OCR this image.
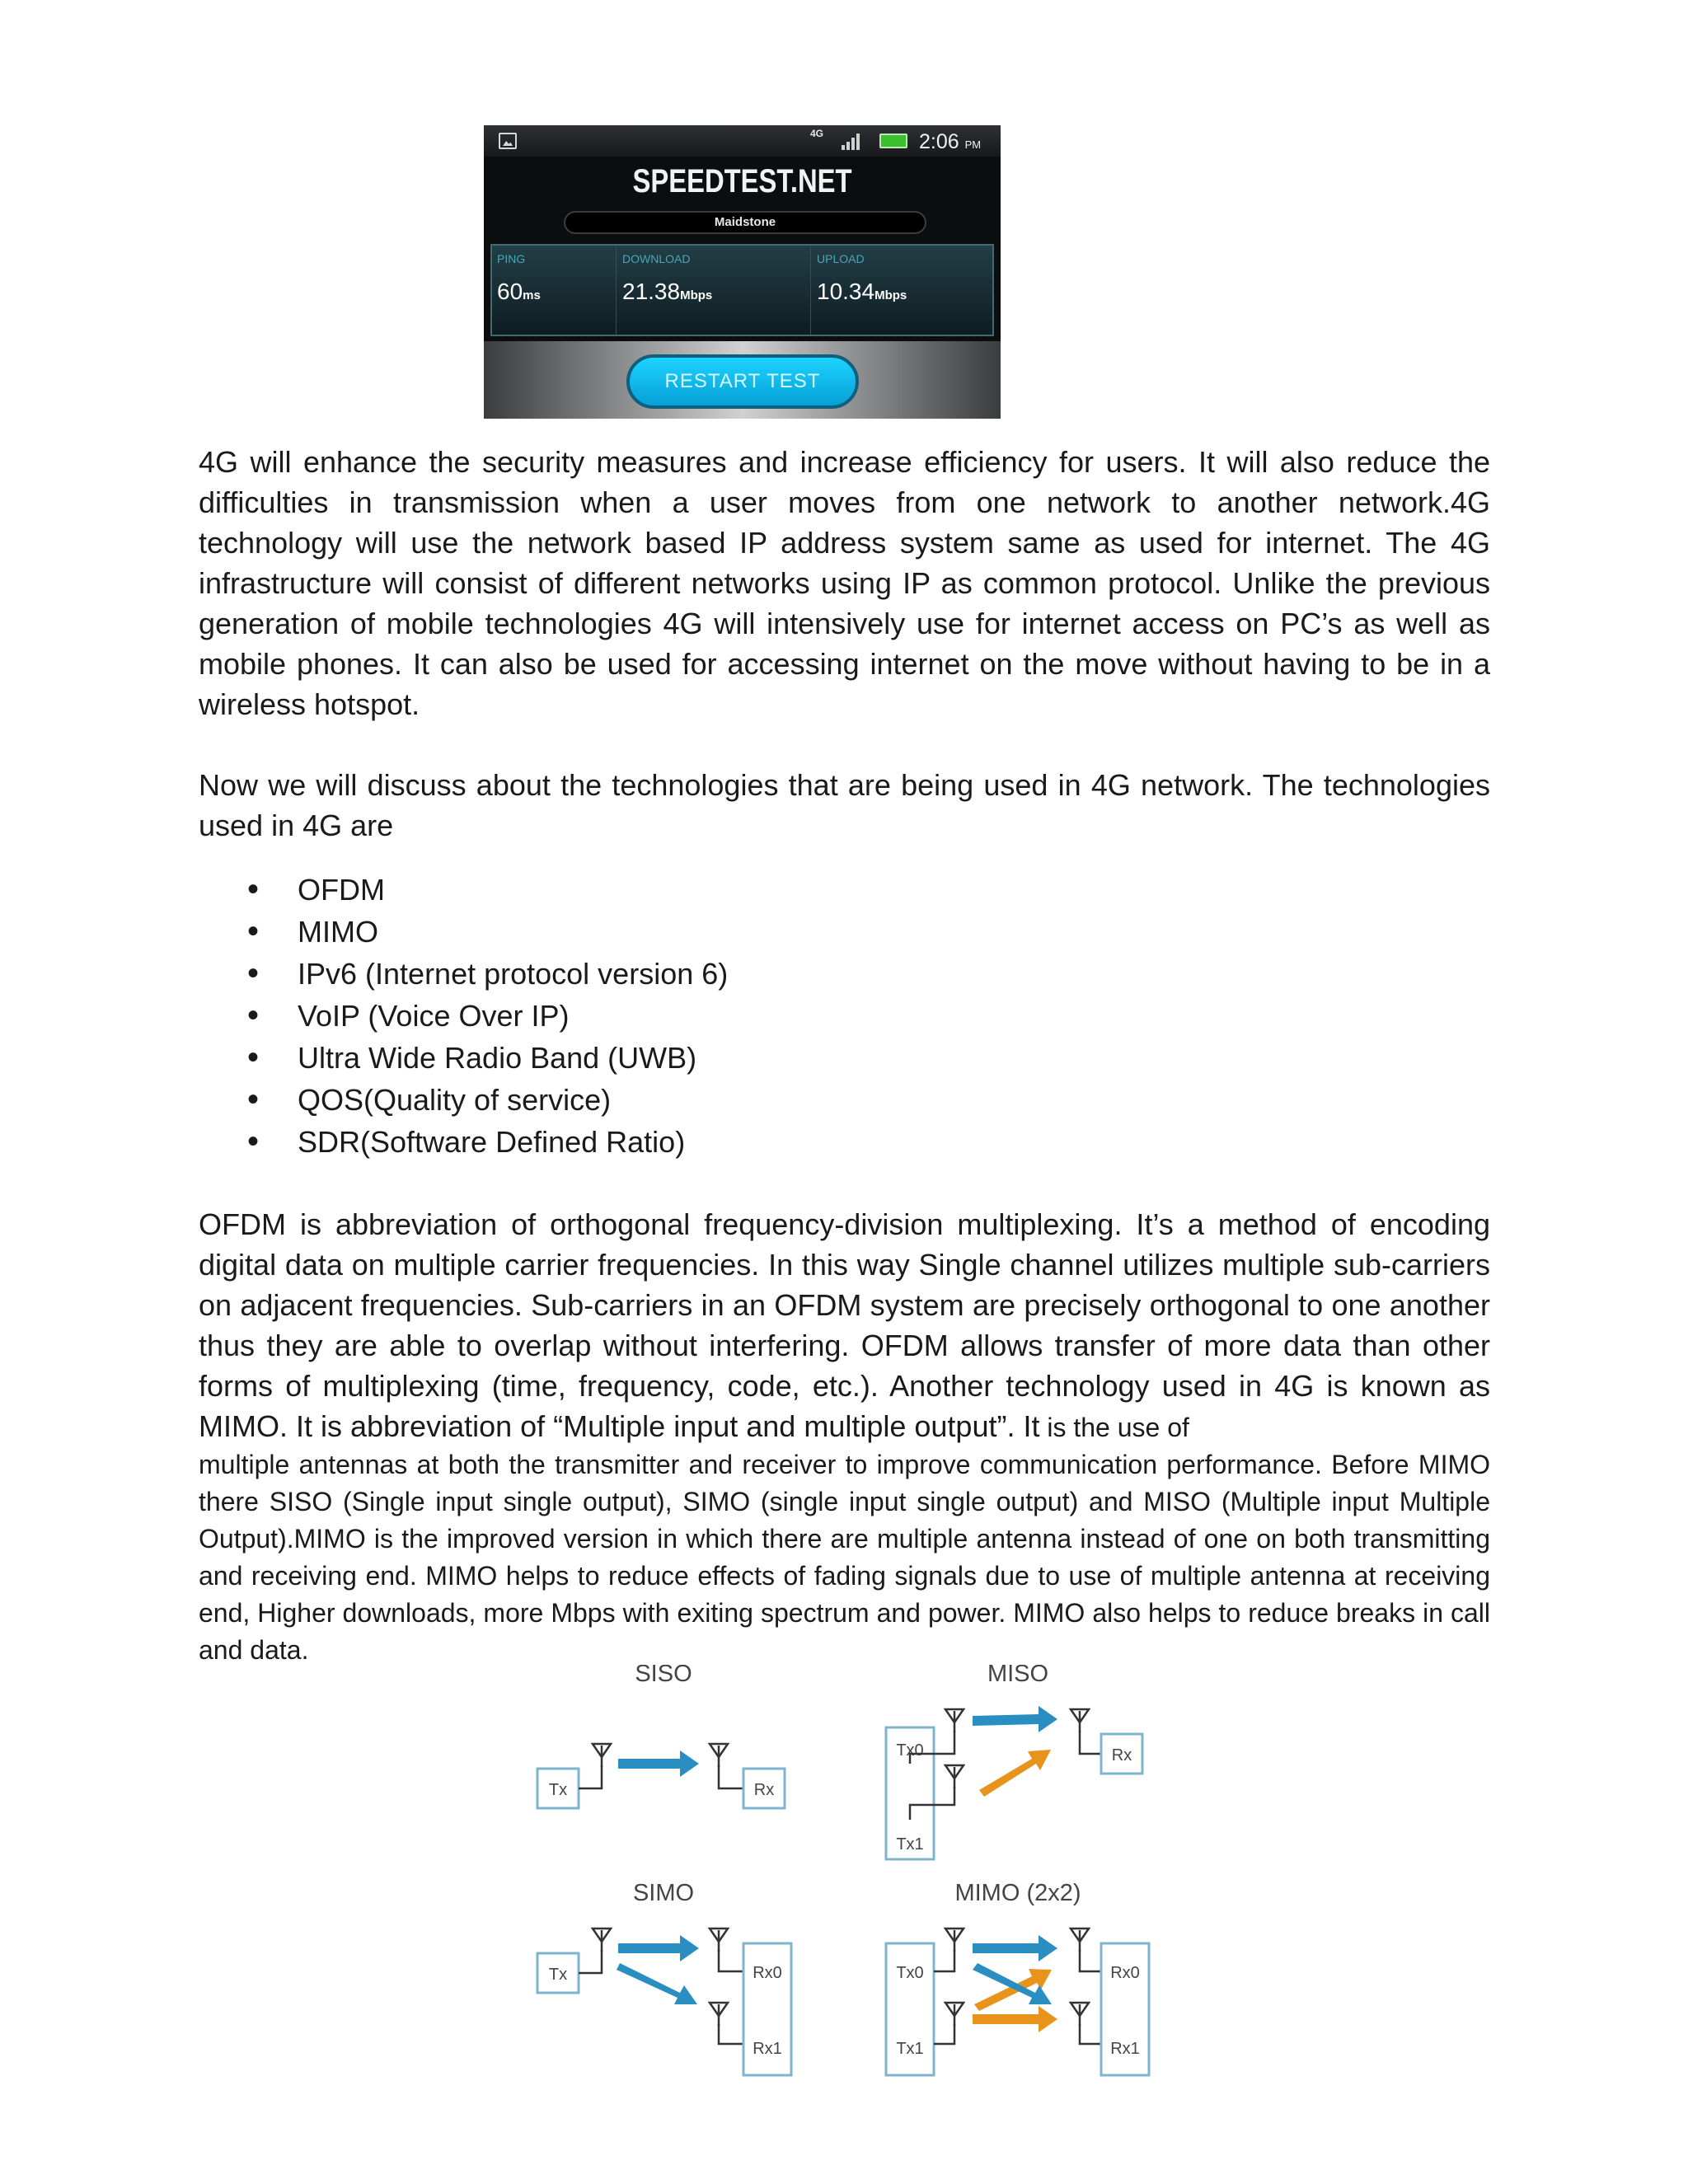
4G	2:06 PM
SPEEDTEST.NET
Maidstone
PING
60ms
DOWNLOAD
21.38Mbps
UPLOAD
10.34Mbps
RESTART TEST

4G will enhance the security measures and increase efficiency for users. It will also reduce the difficulties in transmission when a user moves from one network to another network.4G technology will use the network based IP address system same as used for internet. The 4G infrastructure will consist of different networks using IP as common protocol. Unlike the previous generation of mobile technologies 4G will intensively use for internet access on PC’s as well as mobile phones. It can also be used for accessing internet on the move without having to be in a wireless hotspot.

Now we will discuss about the technologies that are being used in 4G network. The technologies used in 4G are

• OFDM
• MIMO
• IPv6 (Internet protocol version 6)
• VoIP (Voice Over IP)
• Ultra Wide Radio Band (UWB)
• QOS(Quality of service)
• SDR(Software Defined Ratio)

OFDM is abbreviation of orthogonal frequency-division multiplexing. It’s a method of encoding digital data on multiple carrier frequencies. In this way Single channel utilizes multiple sub-carriers on adjacent frequencies. Sub-carriers in an OFDM system are precisely orthogonal to one another thus they are able to overlap without interfering. OFDM allows transfer of more data than other forms of multiplexing (time, frequency, code, etc.). Another technology used in 4G is known as MIMO. It is abbreviation of “Multiple input and multiple output”. It is the use of

multiple antennas at both the transmitter and receiver to improve communication performance. Before MIMO there SISO (Single input single output), SIMO (single input single output) and MISO (Multiple input Multiple Output).MIMO is the improved version in which there are multiple antenna instead of one on both transmitting and receiving end. MIMO helps to reduce effects of fading signals due to use of multiple antenna at receiving end, Higher downloads, more Mbps with exiting spectrum and power. MIMO also helps to reduce breaks in call and data.

SISO	MISO
SIMO	MIMO (2x2)
Tx	Rx
Tx0
Tx1
Rx
Tx	Rx0
Rx1
Tx0
Tx1
Rx0
Rx1
